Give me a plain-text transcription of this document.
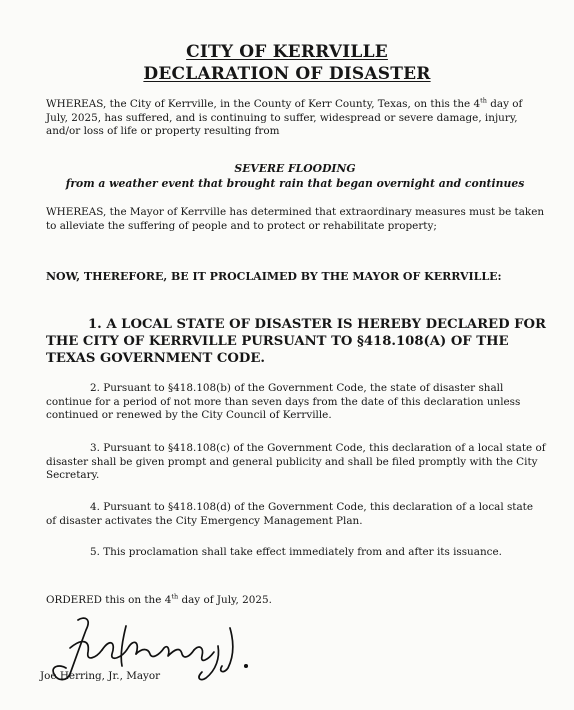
CITY OF KERRVILLE
DECLARATION OF DISASTER
WHEREAS, the City of Kerrville, in the County of Kerr County, Texas, on this the 4th day of July, 2025, has suffered, and is continuing to suffer, widespread or severe damage, injury, and/or loss of life or property resulting from
SEVERE FLOODING
from a weather event that brought rain that began overnight and continues
WHEREAS, the Mayor of Kerrville has determined that extraordinary measures must be taken to alleviate the suffering of people and to protect or rehabilitate property;
NOW, THEREFORE, BE IT PROCLAIMED BY THE MAYOR OF KERRVILLE:
1. A LOCAL STATE OF DISASTER IS HEREBY DECLARED FOR THE CITY OF KERRVILLE PURSUANT TO §418.108(A) OF THE TEXAS GOVERNMENT CODE.
2. Pursuant to §418.108(b) of the Government Code, the state of disaster shall continue for a period of not more than seven days from the date of this declaration unless continued or renewed by the City Council of Kerrville.
3. Pursuant to §418.108(c) of the Government Code, this declaration of a local state of disaster shall be given prompt and general publicity and shall be filed promptly with the City Secretary.
4. Pursuant to §418.108(d) of the Government Code, this declaration of a local state of disaster activates the City Emergency Management Plan.
5. This proclamation shall take effect immediately from and after its issuance.
ORDERED this on the 4th day of July, 2025.
Joe Herring, Jr., Mayor
